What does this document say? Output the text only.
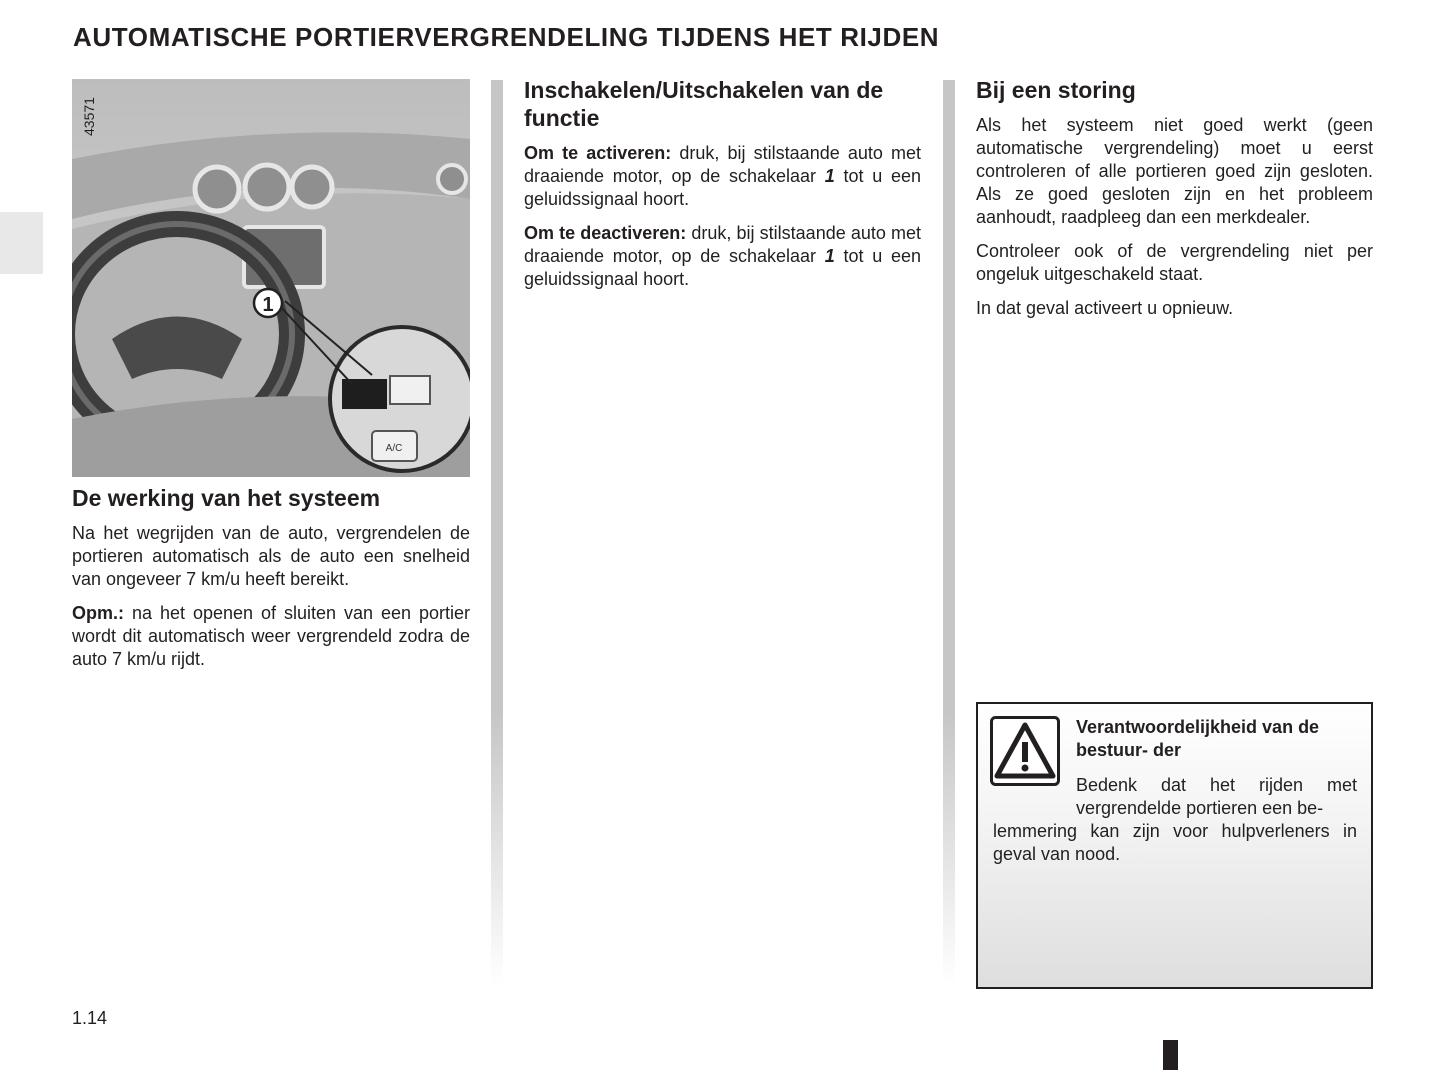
AUTOMATISCHE PORTIERVERGRENDELING TIJDENS HET RIJDEN
A/C
1
43571
De werking van het systeem

Na het wegrijden van de auto, vergrendelen de portieren automatisch als de auto een snelheid van ongeveer 7 km/u heeft bereikt.

Opm.: na het openen of sluiten van een portier wordt dit automatisch weer vergrendeld zodra de auto 7 km/u rijdt.

Inschakelen/Uitschakelen van de functie

Om te activeren: druk, bij stilstaande auto met draaiende motor, op de schakelaar 1 tot u een geluidssignaal hoort.

Om te deactiveren: druk, bij stilstaande auto met draaiende motor, op de schakelaar 1 tot u een geluidssignaal hoort.

Bij een storing

Als het systeem niet goed werkt (geen automatische vergrendeling) moet u eerst controleren of alle portieren goed zijn gesloten. Als ze goed gesloten zijn en het probleem aanhoudt, raadpleeg dan een merkdealer.

Controleer ook of de vergrendeling niet per ongeluk uitgeschakeld staat.

In dat geval activeert u opnieuw.

Verantwoordelijkheid van de bestuur- der
Bedenk dat het rijden met vergrendelde portieren een be-
lemmering kan zijn voor hulpverleners in geval van nood.
1.14
